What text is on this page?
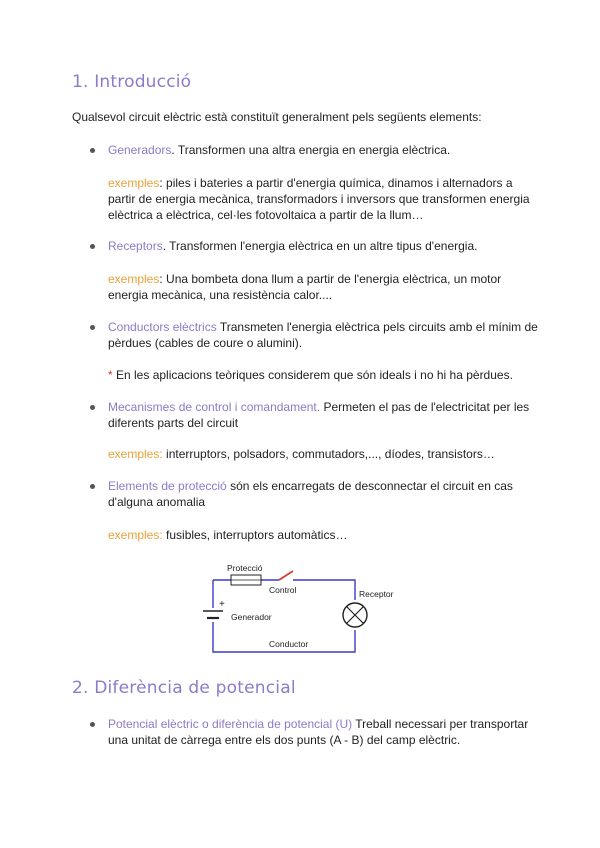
1. Introducció

Qualsevol circuit elèctric està constituït generalment pels següents elements:

Generadors. Transformen una altra energia en energia elèctrica.
exemples: piles i bateries a partir d'energia química, dinamos i alternadors a partir de energia mecànica, transformadors i inversors que transformen energia elèctrica a elèctrica, cel·les fotovoltaica a partir de la llum…
Receptors. Transformen l'energia elèctrica en un altre tipus d'energia.
exemples: Una bombeta dona llum a partir de l'energia elèctrica, un motor energia mecànica, una resistència calor....
Conductors elèctrics Transmeten l'energia elèctrica pels circuits amb el mínim de pèrdues (cables de coure o alumini).
* En les aplicacions teòriques considerem que són ideals i no hi ha pèrdues.
Mecanismes de control i comandament. Permeten el pas de l'electricitat per les diferents parts del circuit
exemples: interruptors, polsadors, commutadors,..., díodes, transistors…
Elements de protecció són els encarregats de desconnectar el circuit en cas d'alguna anomalia
exemples: fusibles, interruptors automàtics…
+
Protecció
Control	Receptor
Generador
Conductor
2. Diferència de potencial
Potencial elèctric o diferència de potencial (U) Treball necessari per transportar una unitat de càrrega entre els dos punts (A - B) del camp elèctric.
